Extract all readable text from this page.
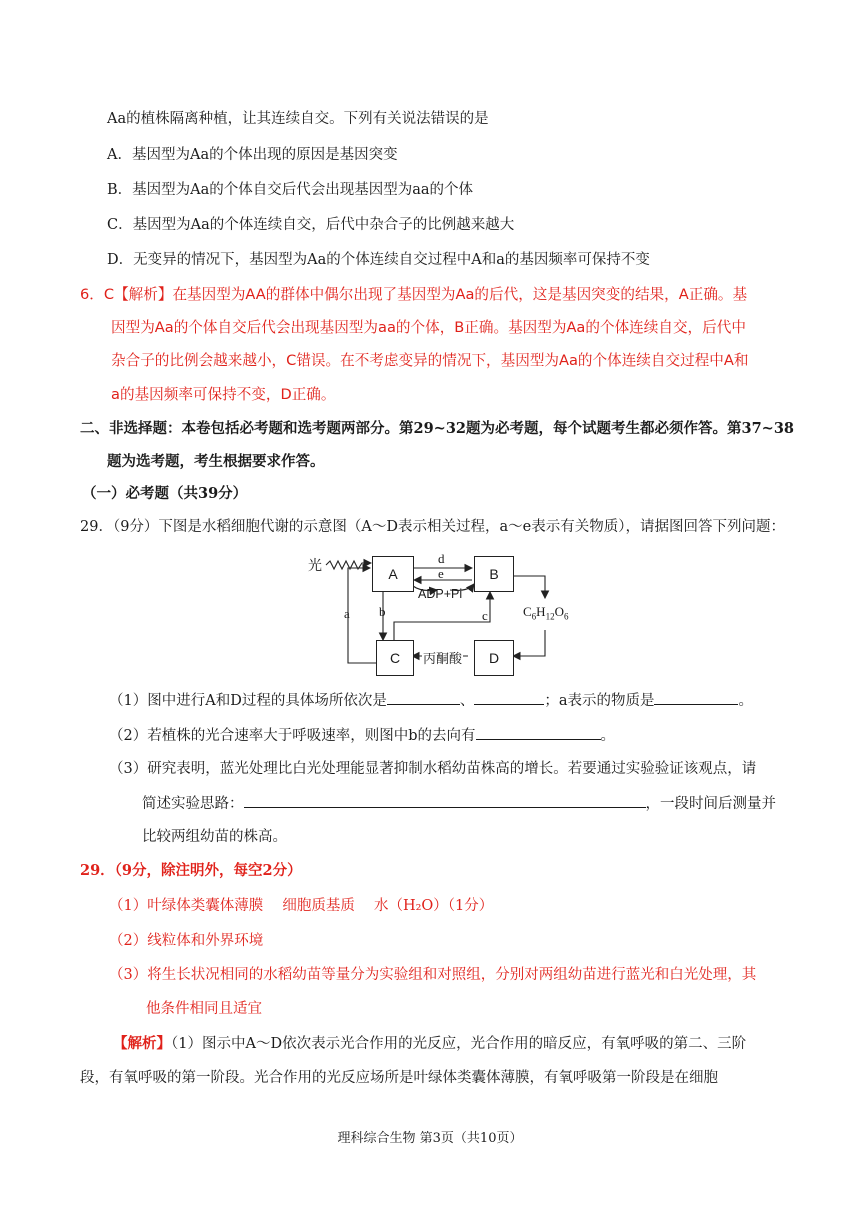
Aa的植株隔离种植，让其连续自交。下列有关说法错误的是
A．基因型为Aa的个体出现的原因是基因突变
B．基因型为Aa的个体自交后代会出现基因型为aa的个体
C．基因型为Aa的个体连续自交，后代中杂合子的比例越来越大
D．无变异的情况下，基因型为Aa的个体连续自交过程中A和a的基因频率可保持不变
6．C【解析】在基因型为AA的群体中偶尔出现了基因型为Aa的后代，这是基因突变的结果，A正确。基
因型为Aa的个体自交后代会出现基因型为aa的个体，B正确。基因型为Aa的个体连续自交，后代中
杂合子的比例会越来越小，C错误。在不考虑变异的情况下，基因型为Aa的个体连续自交过程中A和
a的基因频率可保持不变，D正确。
二、非选择题：本卷包括必考题和选考题两部分。第29~32题为必考题，每个试题考生都必须作答。第37~38
题为选考题，考生根据要求作答。
（一）必考题（共39分）
29．（9分）下图是水稻细胞代谢的示意图（A～D表示相关过程，a～e表示有关物质），请据图回答下列问题：
光	A	B
C	D
d
e
ADP+Pi
b
a	c	$C_6H_{12}O_6$
丙酮酸
（1）图中进行A和D过程的具体场所依次是	、	；a表示的物质是	。
（2）若植株的光合速率大于呼吸速率，则图中b的去向有	。
（3）研究表明，蓝光处理比白光处理能显著抑制水稻幼苗株高的增长。若要通过实验验证该观点，请
简述实验思路：	，一段时间后测量并
比较两组幼苗的株高。
29．（9分，除注明外，每空2分）
（1）叶绿体类囊体薄膜　 细胞质基质　 水（H₂O）（1分）
（2）线粒体和外界环境
（3）将生长状况相同的水稻幼苗等量分为实验组和对照组，分别对两组幼苗进行蓝光和白光处理，其
他条件相同且适宜
【解析】（1）图示中A～D依次表示光合作用的光反应，光合作用的暗反应，有氧呼吸的第二、三阶
段，有氧呼吸的第一阶段。光合作用的光反应场所是叶绿体类囊体薄膜，有氧呼吸第一阶段是在细胞
理科综合生物 第3页（共10页）
